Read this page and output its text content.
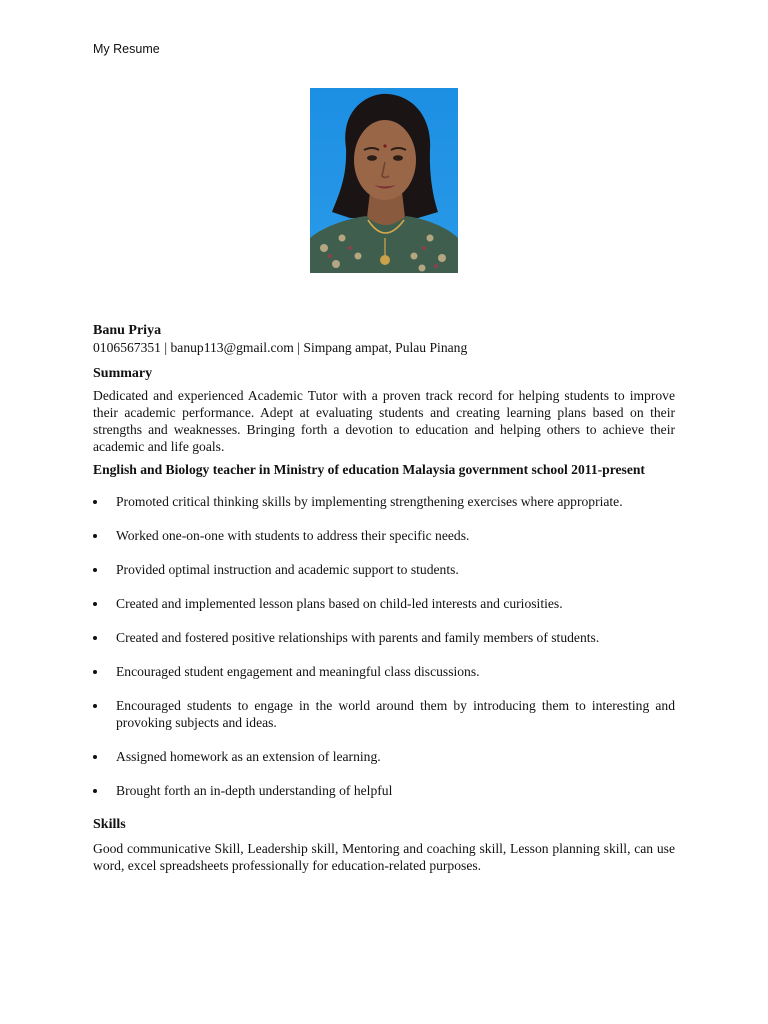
My Resume

Banu Priya

0106567351 | banup113@gmail.com | Simpang ampat, Pulau Pinang

Summary

Dedicated and experienced Academic Tutor with a proven track record for helping students to improve their academic performance. Adept at evaluating students and creating learning plans based on their strengths and weaknesses. Bringing forth a devotion to education and helping others to achieve their academic and life goals.

English and Biology teacher in Ministry of education Malaysia government school 2011-present

Promoted critical thinking skills by implementing strengthening exercises where appropriate.
Worked one-on-one with students to address their specific needs.
Provided optimal instruction and academic support to students.
Created and implemented lesson plans based on child-led interests and curiosities.
Created and fostered positive relationships with parents and family members of students.
Encouraged student engagement and meaningful class discussions.
Encouraged students to engage in the world around them by introducing them to interesting and provoking subjects and ideas.
Assigned homework as an extension of learning.
Brought forth an in-depth understanding of helpful

Skills

Good communicative Skill, Leadership skill, Mentoring and coaching skill, Lesson planning skill, can use word, excel spreadsheets professionally for education-related purposes.
